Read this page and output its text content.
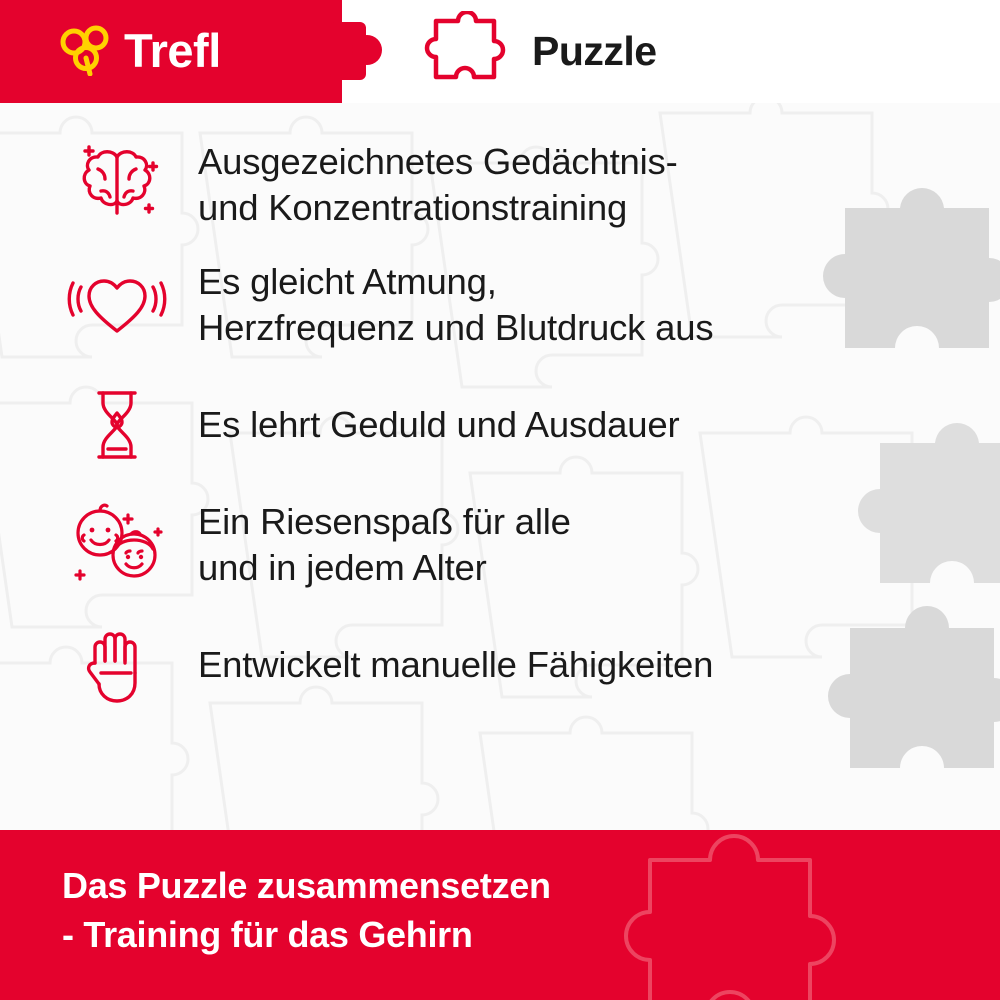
Trefl	Puzzle
Ausgezeichnetes Gedächtnis-
und Konzentrationstraining
Es gleicht Atmung,
Herzfrequenz und Blutdruck aus
Es lehrt Geduld und Ausdauer
Ein Riesenspaß für alle
und in jedem Alter
Entwickelt manuelle Fähigkeiten
Das Puzzle zusammensetzen
- Training für das Gehirn
